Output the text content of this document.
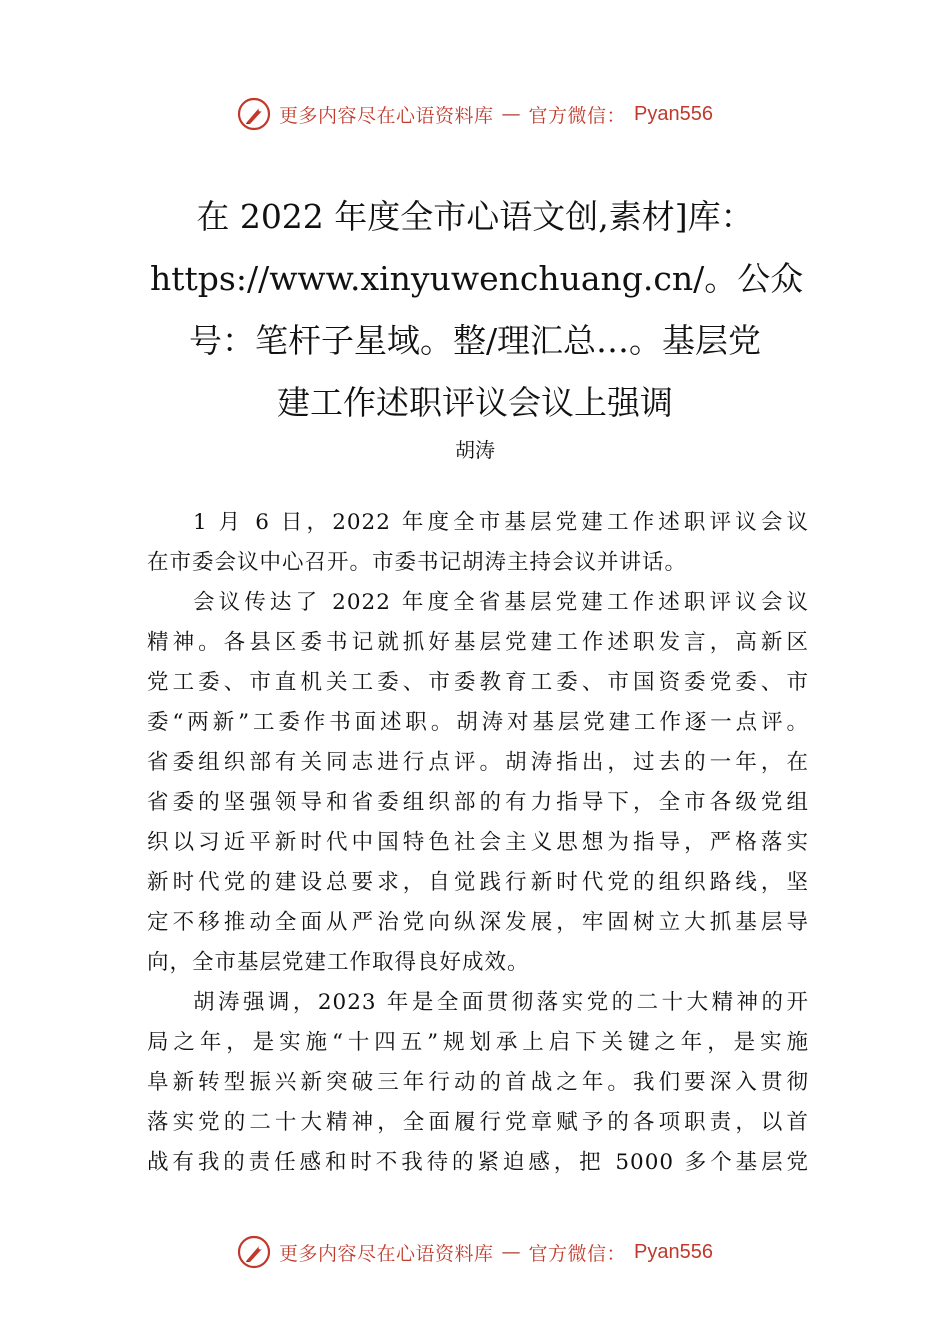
更多内容尽在心语资料库 — 官方微信： Pyan556
在 2022 年度全市心语文创,素材]库：
https://www.xinyuwenchuang.cn/。公众
号：笔杆子星域。整/理汇总…。基层党
建工作述职评议会议上强调
胡涛
1 月 6 日，2022 年度全市基层党建工作述职评议会议
在市委会议中心召开。市委书记胡涛主持会议并讲话。
会议传达了 2022 年度全省基层党建工作述职评议会议
精神。各县区委书记就抓好基层党建工作述职发言，高新区
党工委、市直机关工委、市委教育工委、市国资委党委、市
委“两新”工委作书面述职。胡涛对基层党建工作逐一点评。
省委组织部有关同志进行点评。胡涛指出，过去的一年，在
省委的坚强领导和省委组织部的有力指导下，全市各级党组
织以习近平新时代中国特色社会主义思想为指导，严格落实
新时代党的建设总要求，自觉践行新时代党的组织路线，坚
定不移推动全面从严治党向纵深发展，牢固树立大抓基层导
向，全市基层党建工作取得良好成效。
胡涛强调，2023 年是全面贯彻落实党的二十大精神的开
局之年，是实施“十四五”规划承上启下关键之年，是实施
阜新转型振兴新突破三年行动的首战之年。我们要深入贯彻
落实党的二十大精神，全面履行党章赋予的各项职责，以首
战有我的责任感和时不我待的紧迫感，把 5000 多个基层党
更多内容尽在心语资料库 — 官方微信： Pyan556
